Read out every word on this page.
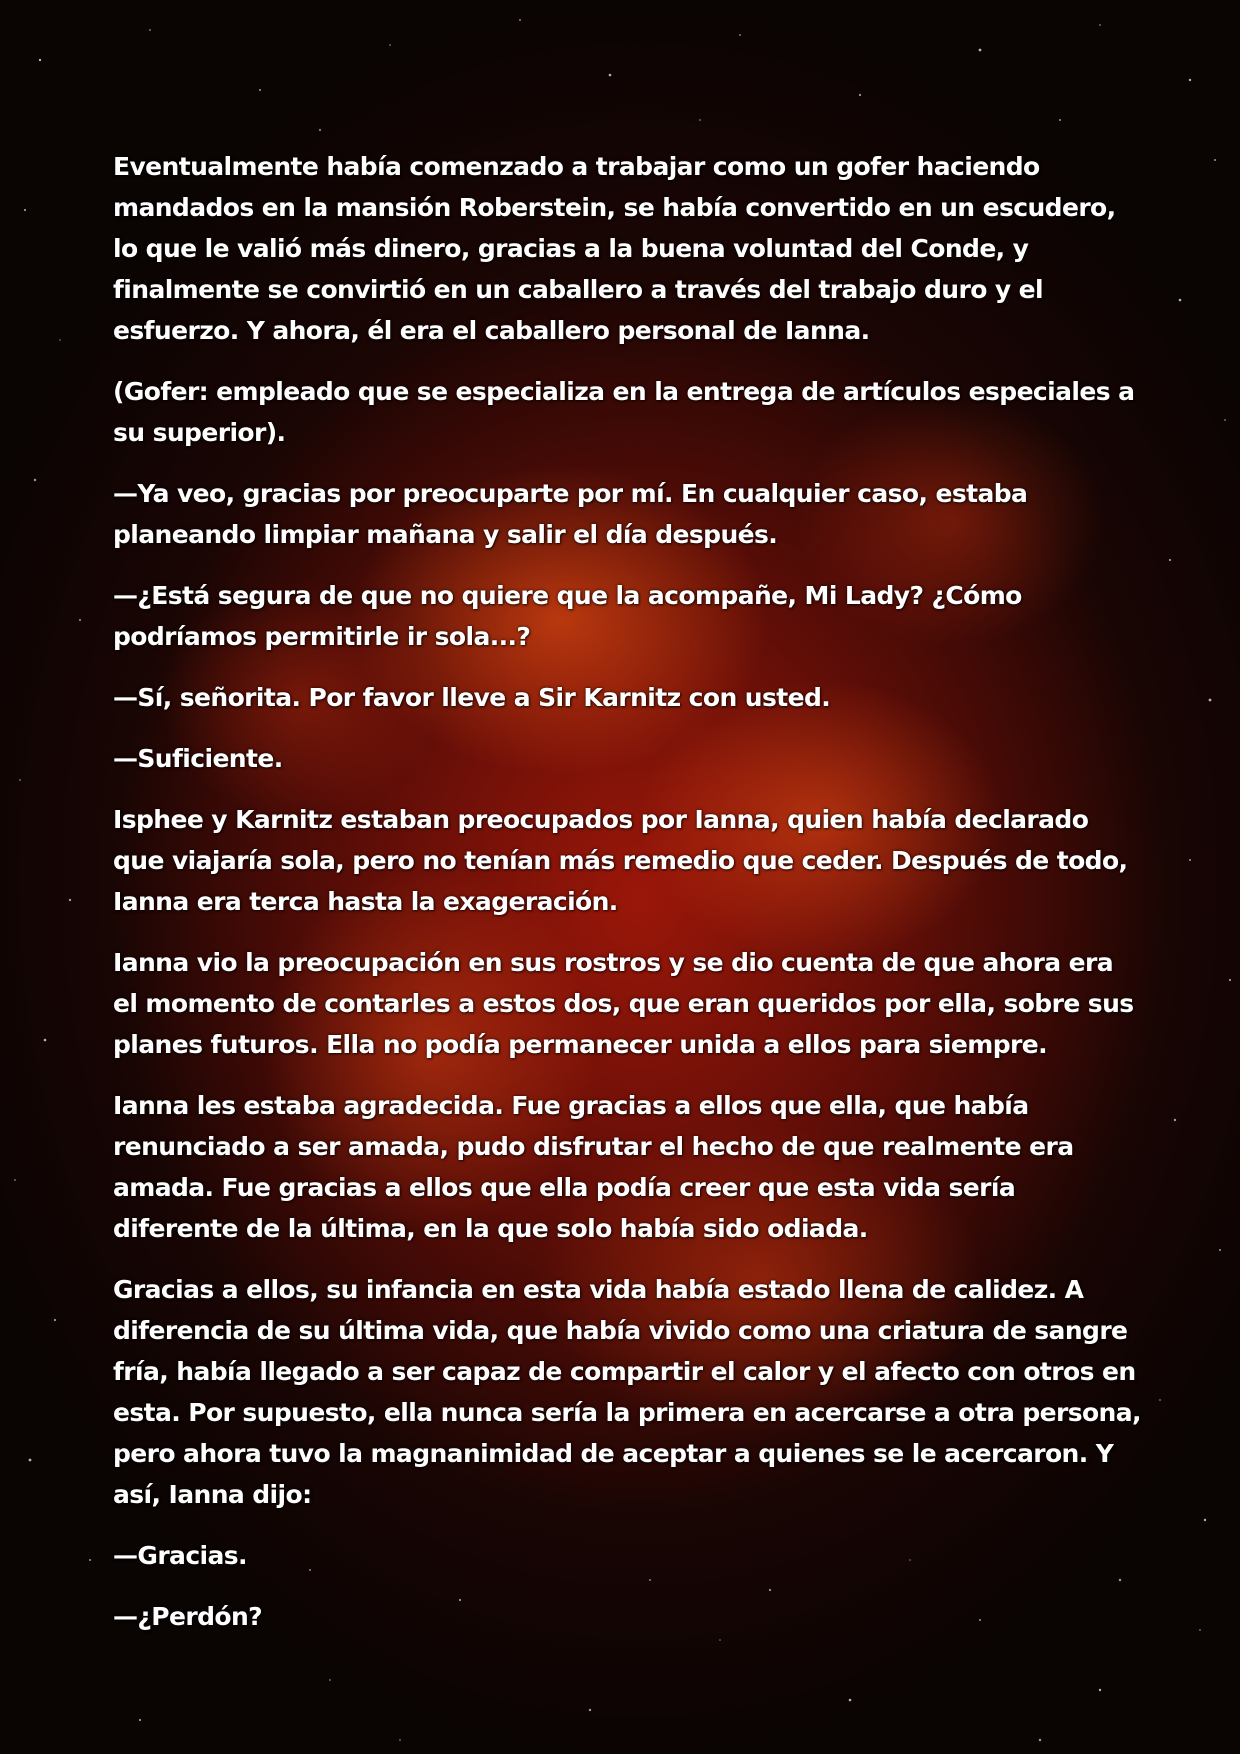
Eventualmente había comenzado a trabajar como un gofer haciendo mandados en la mansión Roberstein, se había convertido en un escudero, lo que le valió más dinero, gracias a la buena voluntad del Conde, y finalmente se convirtió en un caballero a través del trabajo duro y el esfuerzo. Y ahora, él era el caballero personal de Ianna.

(Gofer: empleado que se especializa en la entrega de artículos especiales a su superior).

—Ya veo, gracias por preocuparte por mí. En cualquier caso, estaba planeando limpiar mañana y salir el día después.

—¿Está segura de que no quiere que la acompañe, Mi Lady? ¿Cómo podríamos permitirle ir sola...?

—Sí, señorita. Por favor lleve a Sir Karnitz con usted.

—Suficiente.

Isphee y Karnitz estaban preocupados por Ianna, quien había declarado que viajaría sola, pero no tenían más remedio que ceder. Después de todo, Ianna era terca hasta la exageración.

Ianna vio la preocupación en sus rostros y se dio cuenta de que ahora era el momento de contarles a estos dos, que eran queridos por ella, sobre sus planes futuros. Ella no podía permanecer unida a ellos para siempre.

Ianna les estaba agradecida. Fue gracias a ellos que ella, que había renunciado a ser amada, pudo disfrutar el hecho de que realmente era amada. Fue gracias a ellos que ella podía creer que esta vida sería diferente de la última, en la que solo había sido odiada.

Gracias a ellos, su infancia en esta vida había estado llena de calidez. A diferencia de su última vida, que había vivido como una criatura de sangre fría, había llegado a ser capaz de compartir el calor y el afecto con otros en esta. Por supuesto, ella nunca sería la primera en acercarse a otra persona, pero ahora tuvo la magnanimidad de aceptar a quienes se le acercaron. Y así, Ianna dijo:

—Gracias.

—¿Perdón?
